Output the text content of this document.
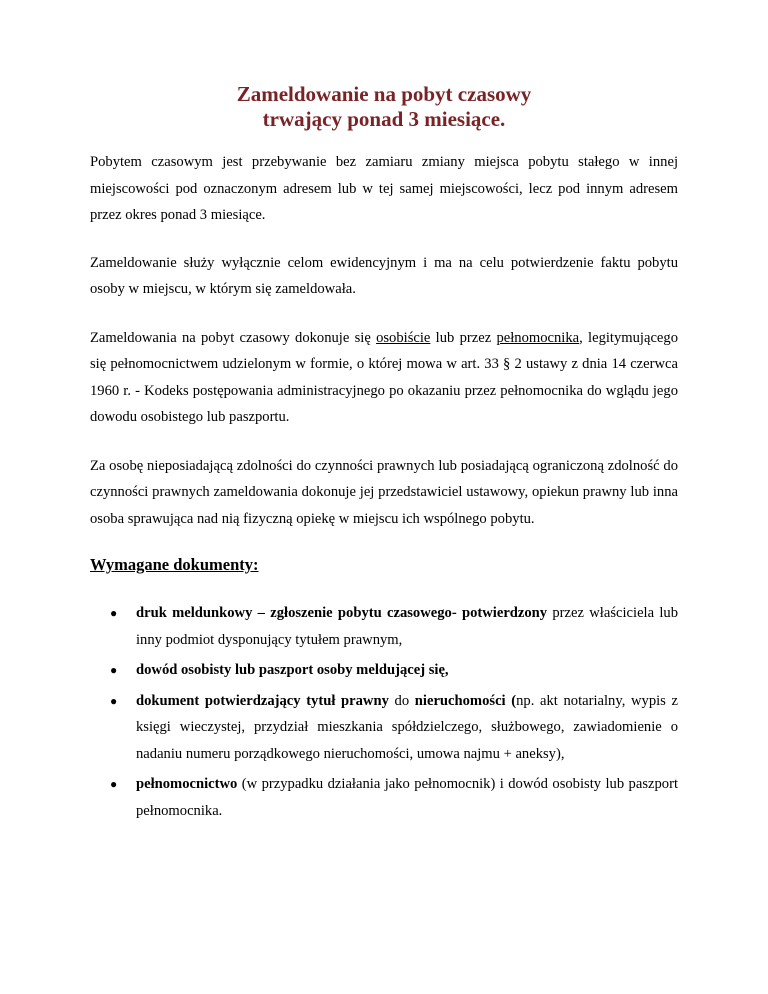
Zameldowanie na pobyt czasowy
trwający ponad 3 miesiące.

Pobytem czasowym jest przebywanie bez zamiaru zmiany miejsca pobytu stałego w innej miejscowości pod oznaczonym adresem lub w tej samej miejscowości, lecz pod innym adresem przez okres ponad 3 miesiące.

Zameldowanie służy wyłącznie celom ewidencyjnym i ma na celu potwierdzenie faktu pobytu osoby w miejscu, w którym się zameldowała.

Zameldowania na pobyt czasowy dokonuje się osobiście lub przez pełnomocnika, legitymującego się pełnomocnictwem udzielonym w formie, o której mowa w art. 33 § 2 ustawy z dnia 14 czerwca 1960 r. - Kodeks postępowania administracyjnego po okazaniu przez pełnomocnika do wglądu jego dowodu osobistego lub paszportu.

Za osobę nieposiadającą zdolności do czynności prawnych lub posiadającą ograniczoną zdolność do czynności prawnych zameldowania dokonuje jej przedstawiciel ustawowy, opiekun prawny lub inna osoba sprawująca nad nią fizyczną opiekę w miejscu ich wspólnego pobytu.

Wymagane dokumenty:
● druk meldunkowy – zgłoszenie pobytu czasowego- potwierdzony przez właściciela lub inny podmiot dysponujący tytułem prawnym,
● dowód osobisty lub paszport osoby meldującej się,
● dokument potwierdzający tytuł prawny do nieruchomości (np. akt notarialny, wypis z księgi wieczystej, przydział mieszkania spółdzielczego, służbowego, zawiadomienie o nadaniu numeru porządkowego nieruchomości, umowa najmu + aneksy),
● pełnomocnictwo (w przypadku działania jako pełnomocnik) i dowód osobisty lub paszport pełnomocnika.
